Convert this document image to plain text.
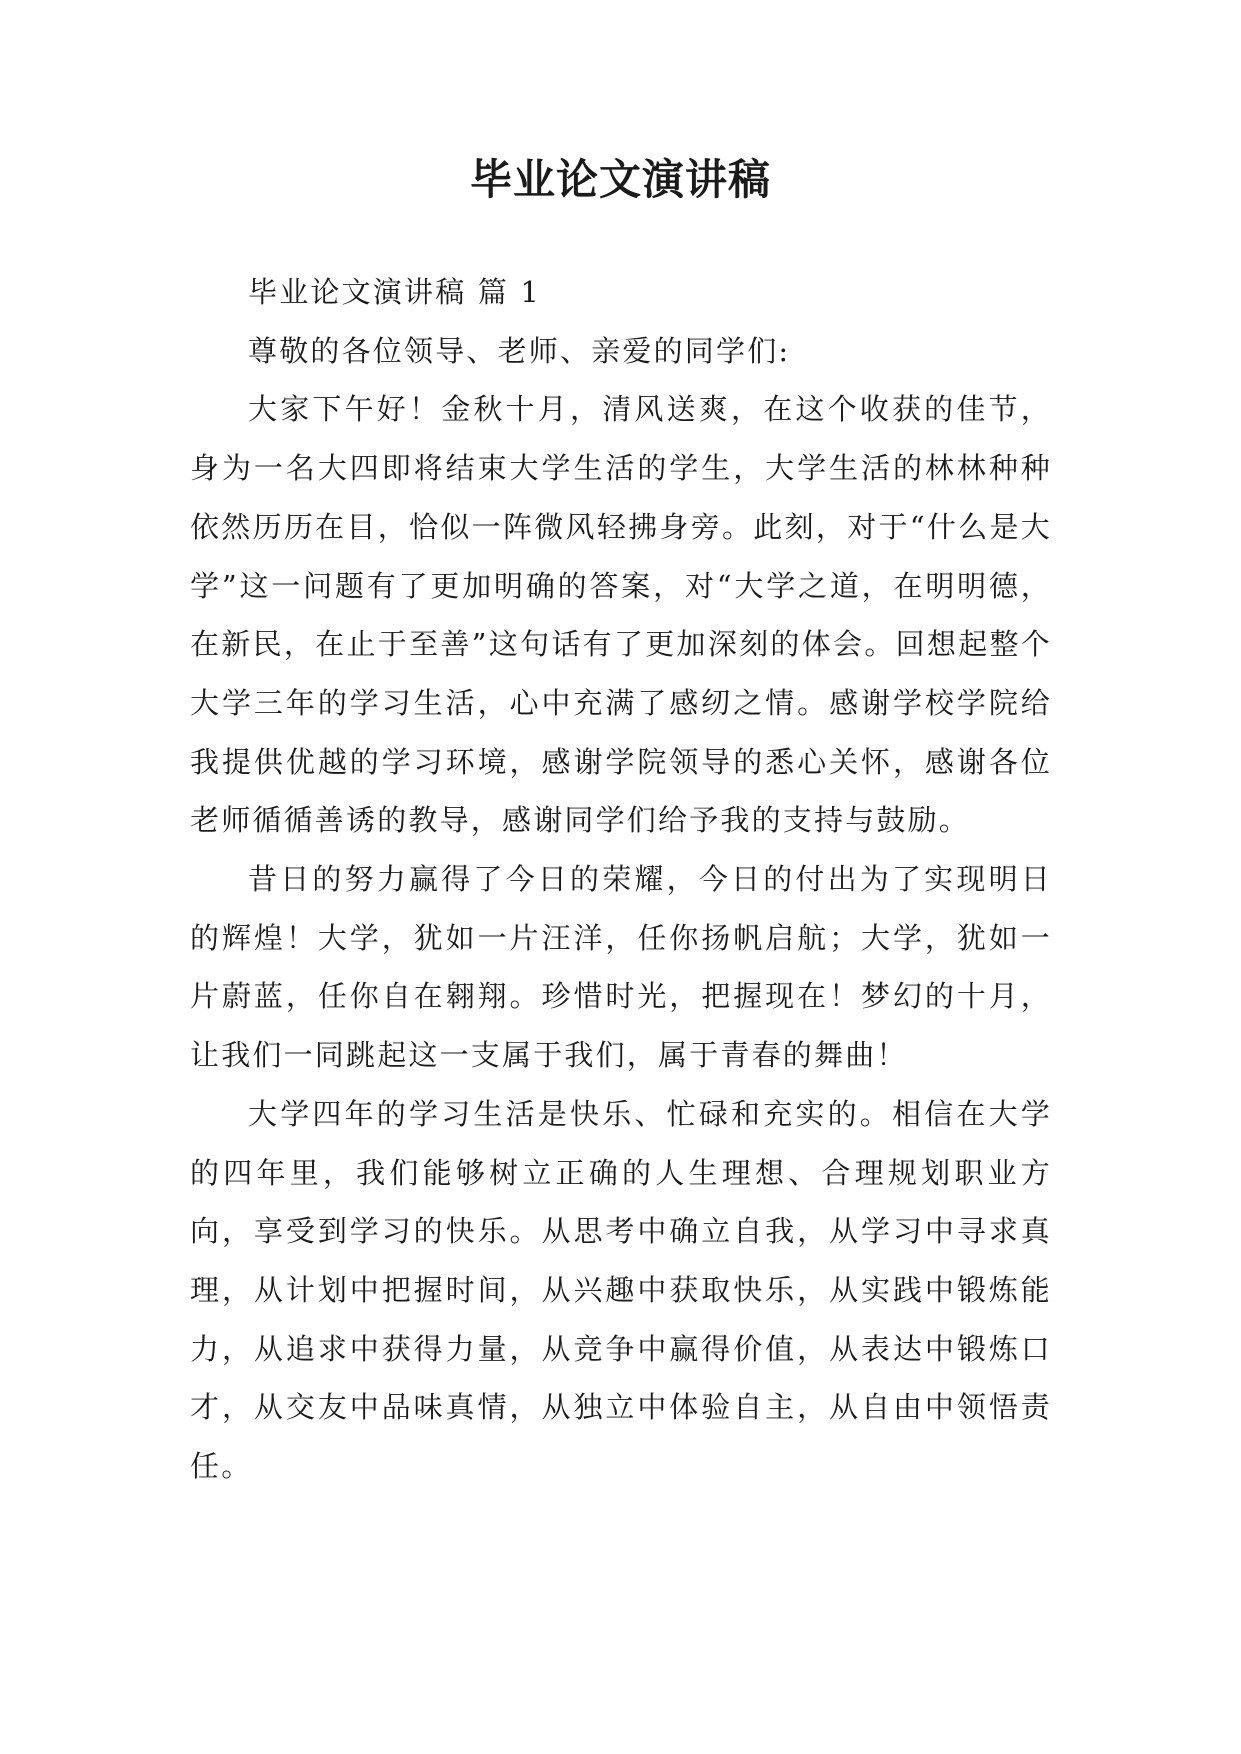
毕业论文演讲稿

毕业论文演讲稿 篇 1

尊敬的各位领导、老师、亲爱的同学们:

大家下午好！金秋十月，清风送爽，在这个收获的佳节，身为一名大四即将结束大学生活的学生，大学生活的林林种种依然历历在目，恰似一阵微风轻拂身旁。此刻，对于“什么是大学”这一问题有了更加明确的答案，对“大学之道，在明明德，在新民，在止于至善”这句话有了更加深刻的体会。回想起整个大学三年的学习生活，心中充满了感纫之情。感谢学校学院给我提供优越的学习环境，感谢学院领导的悉心关怀，感谢各位老师循循善诱的教导，感谢同学们给予我的支持与鼓励。

昔日的努力赢得了今日的荣耀，今日的付出为了实现明日的辉煌！大学，犹如一片汪洋，任你扬帆启航；大学，犹如一片蔚蓝，任你自在翱翔。珍惜时光，把握现在！梦幻的十月，让我们一同跳起这一支属于我们，属于青春的舞曲！

大学四年的学习生活是快乐、忙碌和充实的。相信在大学的四年里，我们能够树立正确的人生理想、合理规划职业方向，享受到学习的快乐。从思考中确立自我，从学习中寻求真理，从计划中把握时间，从兴趣中获取快乐，从实践中锻炼能力，从追求中获得力量，从竞争中赢得价值，从表达中锻炼口才，从交友中品味真情，从独立中体验自主，从自由中领悟责任。
